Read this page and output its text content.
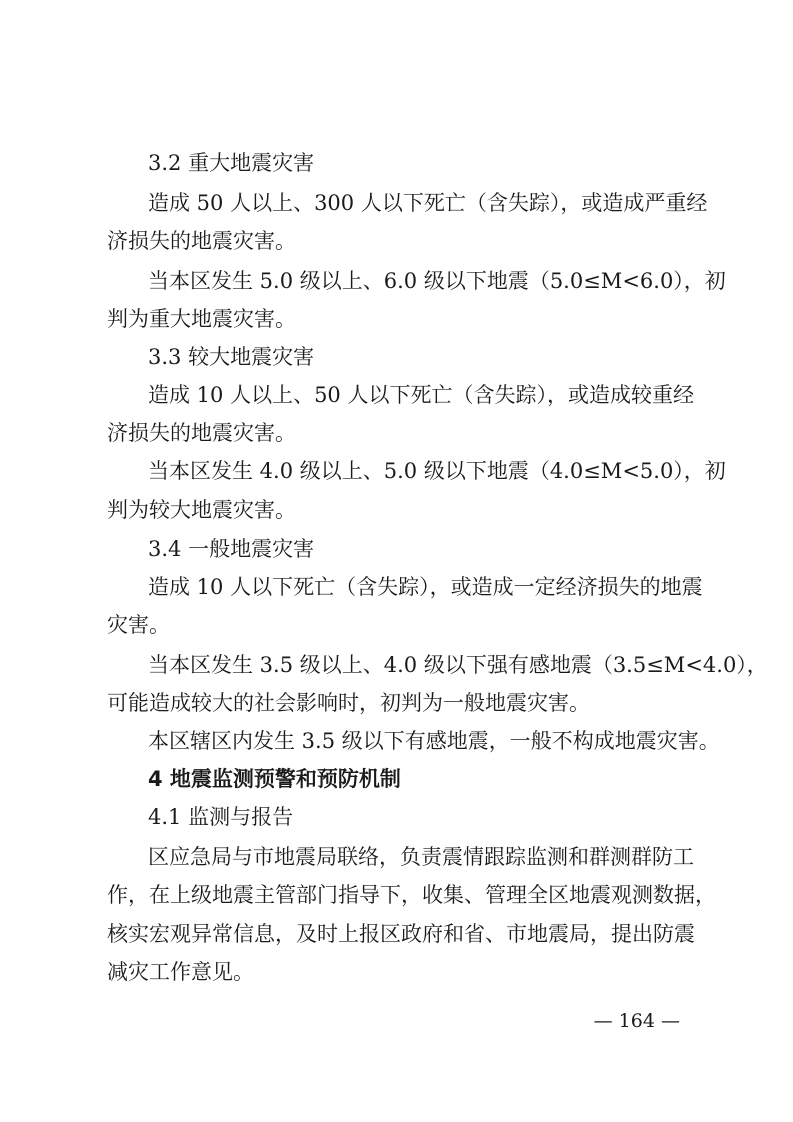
3.2 重大地震灾害
造成 50 人以上、300 人以下死亡（含失踪），或造成严重经
济损失的地震灾害。
当本区发生 5.0 级以上、6.0 级以下地震（5.0≤M<6.0），初
判为重大地震灾害。
3.3 较大地震灾害
造成 10 人以上、50 人以下死亡（含失踪），或造成较重经
济损失的地震灾害。
当本区发生 4.0 级以上、5.0 级以下地震（4.0≤M<5.0），初
判为较大地震灾害。
3.4 一般地震灾害
造成 10 人以下死亡（含失踪），或造成一定经济损失的地震
灾害。
当本区发生 3.5 级以上、4.0 级以下强有感地震（3.5≤M<4.0），
可能造成较大的社会影响时，初判为一般地震灾害。
本区辖区内发生 3.5 级以下有感地震，一般不构成地震灾害。
4 地震监测预警和预防机制
4.1 监测与报告
区应急局与市地震局联络，负责震情跟踪监测和群测群防工
作，在上级地震主管部门指导下，收集、管理全区地震观测数据，
核实宏观异常信息，及时上报区政府和省、市地震局，提出防震
减灾工作意见。
— 164 —
